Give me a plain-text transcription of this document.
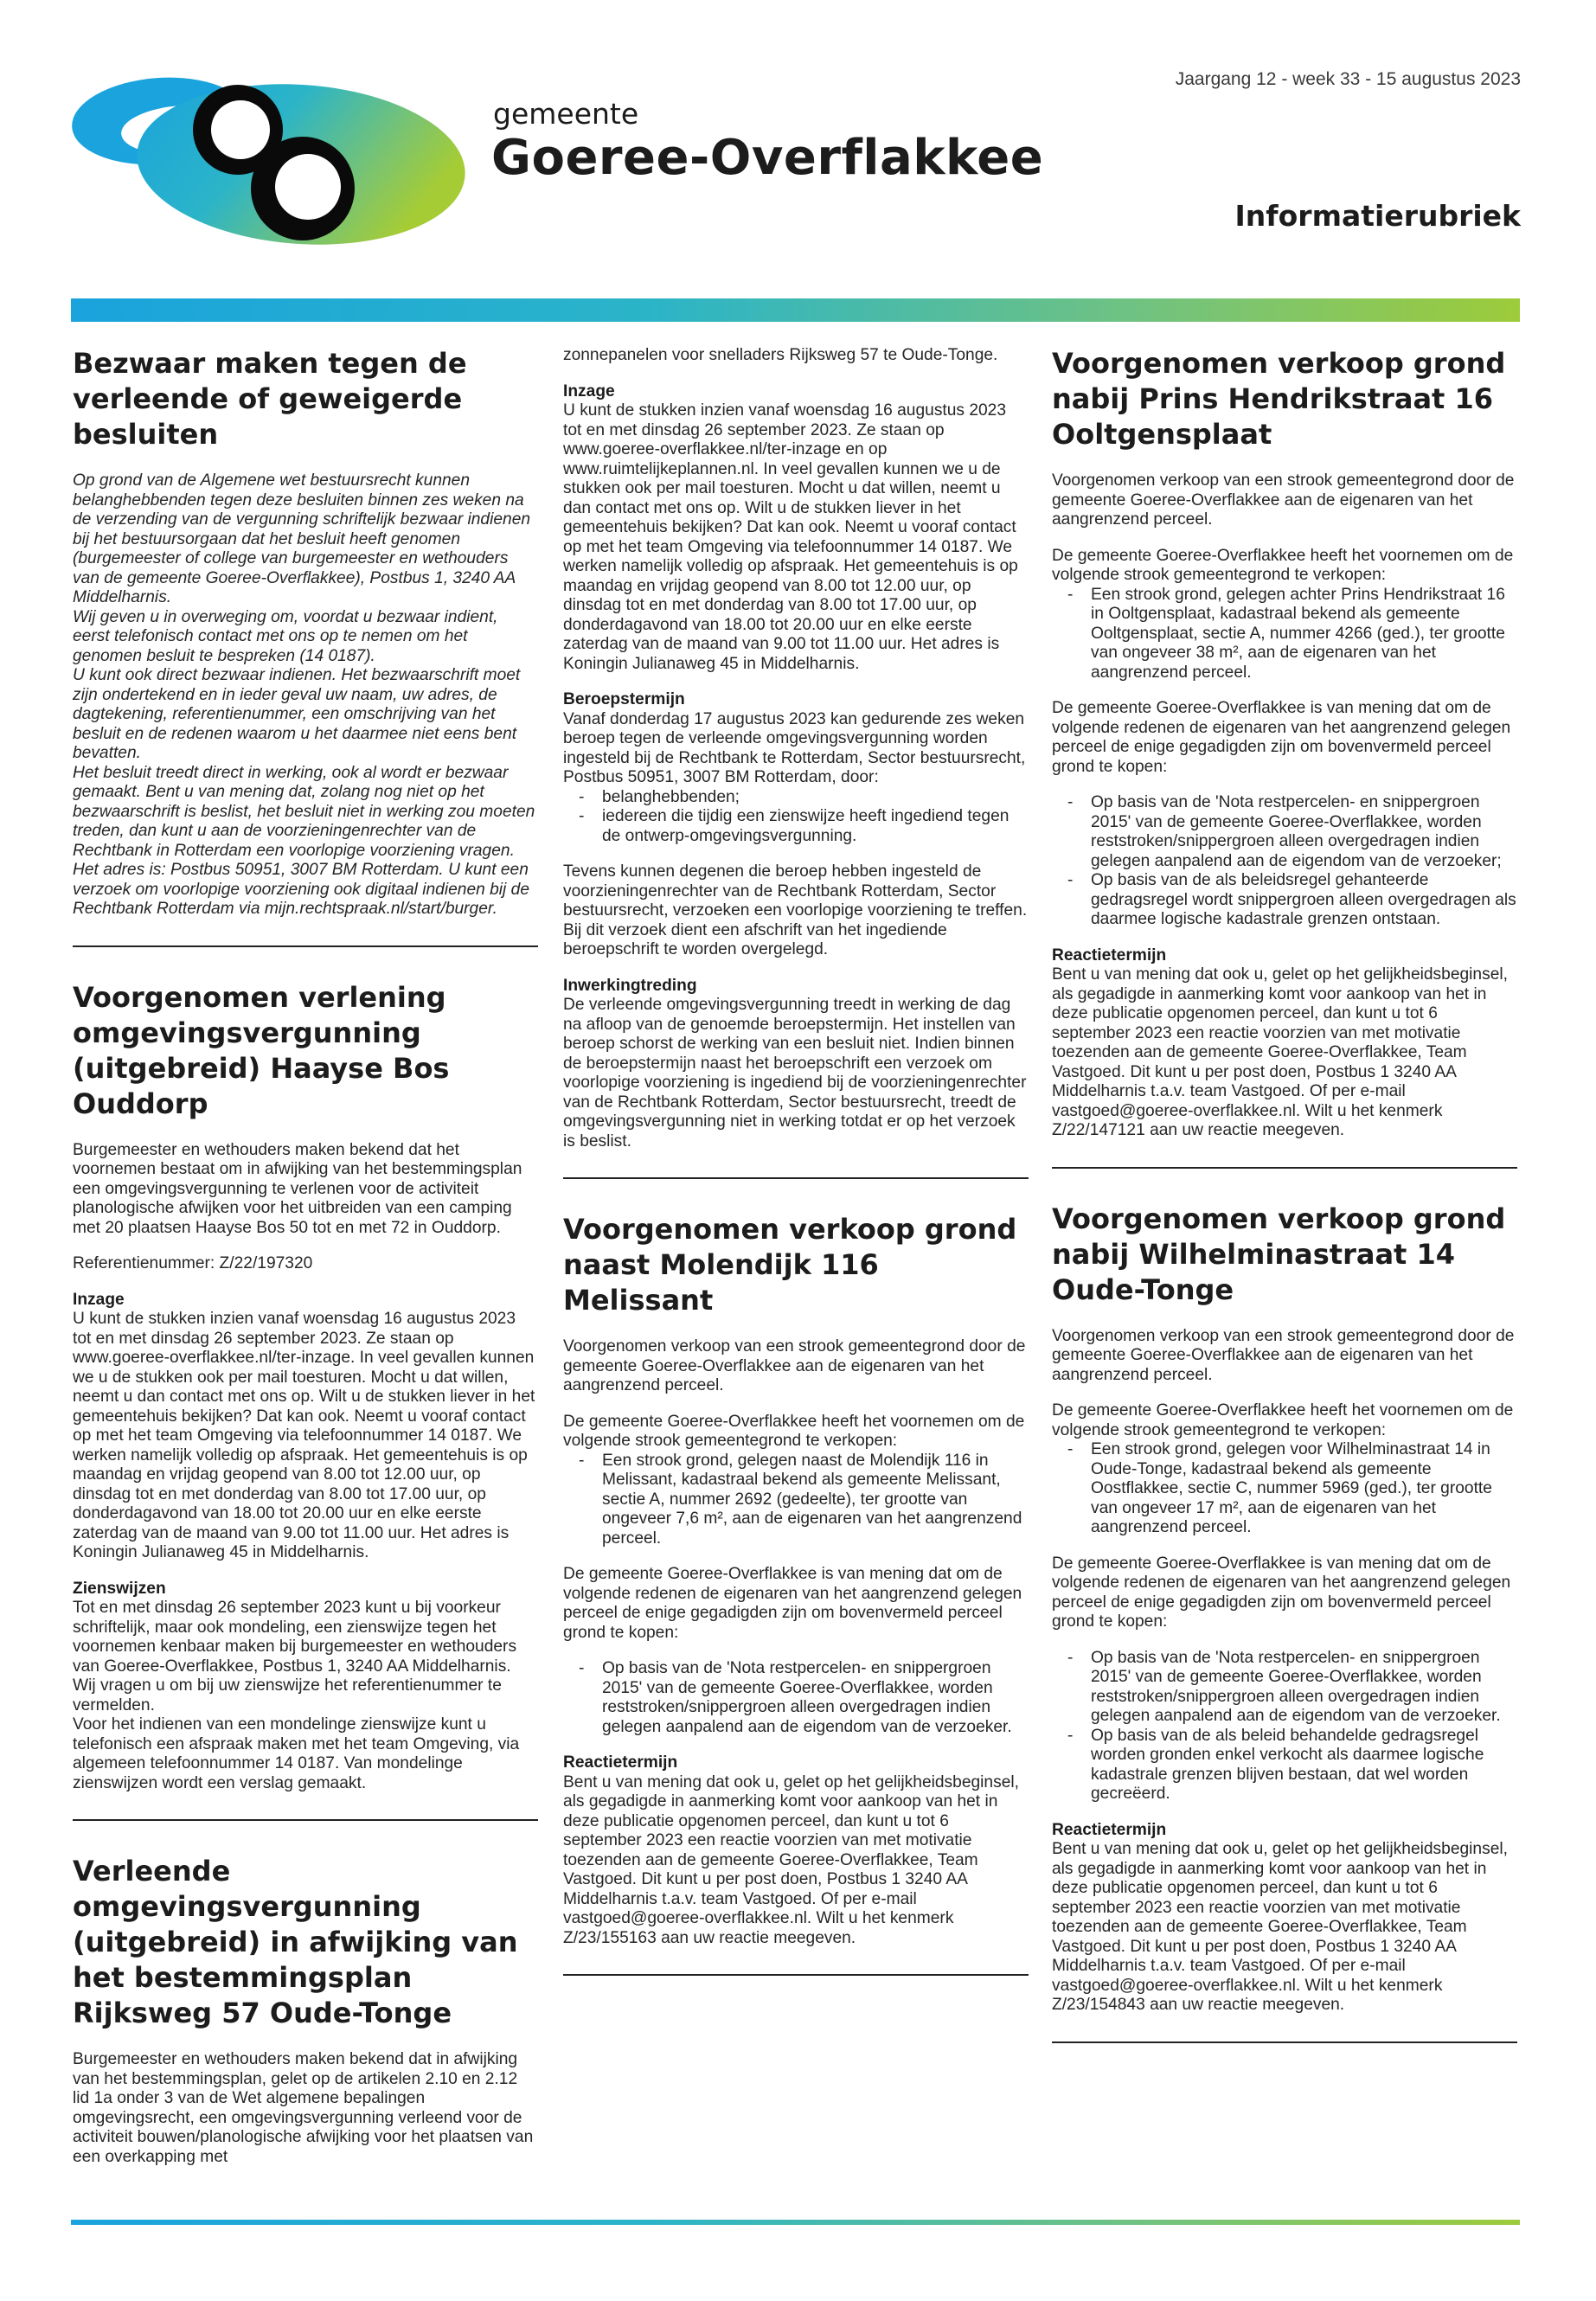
gemeente
Goeree-Overflakkee
Jaargang 12 - week 33 - 15 augustus 2023
Informatierubriek
Bezwaar maken tegen de verleende of geweigerde besluiten

Op grond van de Algemene wet bestuursrecht kunnen belanghebbenden tegen deze besluiten binnen zes weken na de verzending van de vergunning schriftelijk bezwaar indienen bij het bestuursorgaan dat het besluit heeft genomen (burgemeester of college van burgemeester en wethouders van de gemeente Goeree-Overflakkee), Postbus 1, 3240 AA Middelharnis.

Wij geven u in overweging om, voordat u bezwaar indient, eerst telefonisch contact met ons op te nemen om het genomen besluit te bespreken (14 0187).

U kunt ook direct bezwaar indienen. Het bezwaarschrift moet zijn ondertekend en in ieder geval uw naam, uw adres, de dagtekening, referentienummer, een omschrijving van het besluit en de redenen waarom u het daarmee niet eens bent bevatten.

Het besluit treedt direct in werking, ook al wordt er bezwaar gemaakt. Bent u van mening dat, zolang nog niet op het bezwaarschrift is beslist, het besluit niet in werking zou moeten treden, dan kunt u aan de voorzieningenrechter van de Rechtbank in Rotterdam een voorlopige voorziening vragen. Het adres is: Postbus 50951, 3007 BM Rotterdam. U kunt een verzoek om voorlopige voorziening ook digitaal indienen bij de Rechtbank Rotterdam via mijn.rechtspraak.nl/start/burger.

Voorgenomen verlening omgevingsvergunning (uitgebreid) Haayse Bos Ouddorp

Burgemeester en wethouders maken bekend dat het voornemen bestaat om in afwijking van het bestemmingsplan een omgevingsvergunning te verlenen voor de activiteit planologische afwijken voor het uitbreiden van een camping met 20 plaatsen Haayse Bos 50 tot en met 72 in Ouddorp.

Referentienummer: Z/22/197320

Inzage

U kunt de stukken inzien vanaf woensdag 16 augustus 2023 tot en met dinsdag 26 september 2023. Ze staan op www.goeree-overflakkee.nl/ter-inzage. In veel gevallen kunnen we u de stukken ook per mail toesturen. Mocht u dat willen, neemt u dan contact met ons op. Wilt u de stukken liever in het gemeentehuis bekijken? Dat kan ook. Neemt u vooraf contact op met het team Omgeving via telefoonnummer 14 0187. We werken namelijk volledig op afspraak. Het gemeentehuis is op maandag en vrijdag geopend van 8.00 tot 12.00 uur, op dinsdag tot en met donderdag van 8.00 tot 17.00 uur, op donderdagavond van 18.00 tot 20.00 uur en elke eerste zaterdag van de maand van 9.00 tot 11.00 uur. Het adres is Koningin Julianaweg 45 in Middelharnis.

Zienswijzen

Tot en met dinsdag 26 september 2023 kunt u bij voorkeur schriftelijk, maar ook mondeling, een zienswijze tegen het voornemen kenbaar maken bij burgemeester en wethouders van Goeree-Overflakkee, Postbus 1, 3240 AA Middelharnis. Wij vragen u om bij uw zienswijze het referentienummer te vermelden.

Voor het indienen van een mondelinge zienswijze kunt u telefonisch een afspraak maken met het team Omgeving, via algemeen telefoonnummer 14 0187. Van mondelinge zienswijzen wordt een verslag gemaakt.

Verleende omgevingsvergunning (uitgebreid) in afwijking van het bestemmingsplan Rijksweg 57 Oude-Tonge

Burgemeester en wethouders maken bekend dat in afwijking van het bestemmingsplan, gelet op de artikelen 2.10 en 2.12 lid 1a onder 3 van de Wet algemene bepalingen omgevingsrecht, een omgevingsvergunning verleend voor de activiteit bouwen/planologische afwijking voor het plaatsen van een overkapping met

zonnepanelen voor snelladers Rijksweg 57 te Oude-Tonge.

Inzage

U kunt de stukken inzien vanaf woensdag 16 augustus 2023 tot en met dinsdag 26 september 2023. Ze staan op www.goeree-overflakkee.nl/ter-inzage en op www.ruimtelijkeplannen.nl. In veel gevallen kunnen we u de stukken ook per mail toesturen. Mocht u dat willen, neemt u dan contact met ons op. Wilt u de stukken liever in het gemeentehuis bekijken? Dat kan ook. Neemt u vooraf contact op met het team Omgeving via telefoonnummer 14 0187. We werken namelijk volledig op afspraak. Het gemeentehuis is op maandag en vrijdag geopend van 8.00 tot 12.00 uur, op dinsdag tot en met donderdag van 8.00 tot 17.00 uur, op donderdagavond van 18.00 tot 20.00 uur en elke eerste zaterdag van de maand van 9.00 tot 11.00 uur. Het adres is Koningin Julianaweg 45 in Middelharnis.

Beroepstermijn

Vanaf donderdag 17 augustus 2023 kan gedurende zes weken beroep tegen de verleende omgevingsvergunning worden ingesteld bij de Rechtbank te Rotterdam, Sector bestuursrecht, Postbus 50951, 3007 BM Rotterdam, door:

- belanghebbenden;
- iedereen die tijdig een zienswijze heeft ingediend tegen de ontwerp-omgevingsvergunning.

Tevens kunnen degenen die beroep hebben ingesteld de voorzieningenrechter van de Rechtbank Rotterdam, Sector bestuursrecht, verzoeken een voorlopige voorziening te treffen. Bij dit verzoek dient een afschrift van het ingediende beroepschrift te worden overgelegd.

Inwerkingtreding

De verleende omgevingsvergunning treedt in werking de dag na afloop van de genoemde beroepstermijn. Het instellen van beroep schorst de werking van een besluit niet. Indien binnen de beroepstermijn naast het beroepschrift een verzoek om voorlopige voorziening is ingediend bij de voorzieningenrechter van de Rechtbank Rotterdam, Sector bestuursrecht, treedt de omgevingsvergunning niet in werking totdat er op het verzoek is beslist.

Voorgenomen verkoop grond naast Molendijk 116 Melissant

Voorgenomen verkoop van een strook gemeentegrond door de gemeente Goeree-Overflakkee aan de eigenaren van het aangrenzend perceel.

De gemeente Goeree-Overflakkee heeft het voornemen om de volgende strook gemeentegrond te verkopen:

- Een strook grond, gelegen naast de Molendijk 116 in Melissant, kadastraal bekend als gemeente Melissant, sectie A, nummer 2692 (gedeelte), ter grootte van ongeveer 7,6 m², aan de eigenaren van het aangrenzend perceel.

De gemeente Goeree-Overflakkee is van mening dat om de volgende redenen de eigenaren van het aangrenzend gelegen perceel de enige gegadigden zijn om bovenvermeld perceel grond te kopen:

- Op basis van de 'Nota restpercelen- en snippergroen 2015' van de gemeente Goeree-Overflakkee, worden reststroken/snippergroen alleen overgedragen indien gelegen aanpalend aan de eigendom van de verzoeker.
Reactietermijn

Bent u van mening dat ook u, gelet op het gelijkheidsbeginsel, als gegadigde in aanmerking komt voor aankoop van het in deze publicatie opgenomen perceel, dan kunt u tot 6 september 2023 een reactie voorzien van met motivatie toezenden aan de gemeente Goeree-Overflakkee, Team Vastgoed. Dit kunt u per post doen, Postbus 1 3240 AA Middelharnis t.a.v. team Vastgoed. Of per e-mail vastgoed@goeree-overflakkee.nl. Wilt u het kenmerk Z/23/155163 aan uw reactie meegeven.

Voorgenomen verkoop grond nabij Prins Hendrikstraat 16 Ooltgensplaat

Voorgenomen verkoop van een strook gemeentegrond door de gemeente Goeree-Overflakkee aan de eigenaren van het aangrenzend perceel.

De gemeente Goeree-Overflakkee heeft het voornemen om de volgende strook gemeentegrond te verkopen:

- Een strook grond, gelegen achter Prins Hendrikstraat 16 in Ooltgensplaat, kadastraal bekend als gemeente Ooltgensplaat, sectie A, nummer 4266 (ged.), ter grootte van ongeveer 38 m², aan de eigenaren van het aangrenzend perceel.

De gemeente Goeree-Overflakkee is van mening dat om de volgende redenen de eigenaren van het aangrenzend gelegen perceel de enige gegadigden zijn om bovenvermeld perceel grond te kopen:

- Op basis van de 'Nota restpercelen- en snippergroen 2015' van de gemeente Goeree-Overflakkee, worden reststroken/snippergroen alleen overgedragen indien gelegen aanpalend aan de eigendom van de verzoeker;
- Op basis van de als beleidsregel gehanteerde gedragsregel wordt snippergroen alleen overgedragen als daarmee logische kadastrale grenzen ontstaan.
Reactietermijn

Bent u van mening dat ook u, gelet op het gelijkheidsbeginsel, als gegadigde in aanmerking komt voor aankoop van het in deze publicatie opgenomen perceel, dan kunt u tot 6 september 2023 een reactie voorzien van met motivatie toezenden aan de gemeente Goeree-Overflakkee, Team Vastgoed. Dit kunt u per post doen, Postbus 1 3240 AA Middelharnis t.a.v. team Vastgoed. Of per e-mail vastgoed@goeree-overflakkee.nl. Wilt u het kenmerk Z/22/147121 aan uw reactie meegeven.

Voorgenomen verkoop grond nabij Wilhelminastraat 14 Oude-Tonge

Voorgenomen verkoop van een strook gemeentegrond door de gemeente Goeree-Overflakkee aan de eigenaren van het aangrenzend perceel.

De gemeente Goeree-Overflakkee heeft het voornemen om de volgende strook gemeentegrond te verkopen:

- Een strook grond, gelegen voor Wilhelminastraat 14 in Oude-Tonge, kadastraal bekend als gemeente Oostflakkee, sectie C, nummer 5969 (ged.), ter grootte van ongeveer 17 m², aan de eigenaren van het aangrenzend perceel.

De gemeente Goeree-Overflakkee is van mening dat om de volgende redenen de eigenaren van het aangrenzend gelegen perceel de enige gegadigden zijn om bovenvermeld perceel grond te kopen:

- Op basis van de 'Nota restpercelen- en snippergroen 2015' van de gemeente Goeree-Overflakkee, worden reststroken/snippergroen alleen overgedragen indien gelegen aanpalend aan de eigendom van de verzoeker.
- Op basis van de als beleid behandelde gedragsregel worden gronden enkel verkocht als daarmee logische kadastrale grenzen blijven bestaan, dat wel worden gecreëerd.
Reactietermijn

Bent u van mening dat ook u, gelet op het gelijkheidsbeginsel, als gegadigde in aanmerking komt voor aankoop van het in deze publicatie opgenomen perceel, dan kunt u tot 6 september 2023 een reactie voorzien van met motivatie toezenden aan de gemeente Goeree-Overflakkee, Team Vastgoed. Dit kunt u per post doen, Postbus 1 3240 AA Middelharnis t.a.v. team Vastgoed. Of per e-mail vastgoed@goeree-overflakkee.nl. Wilt u het kenmerk Z/23/154843 aan uw reactie meegeven.
